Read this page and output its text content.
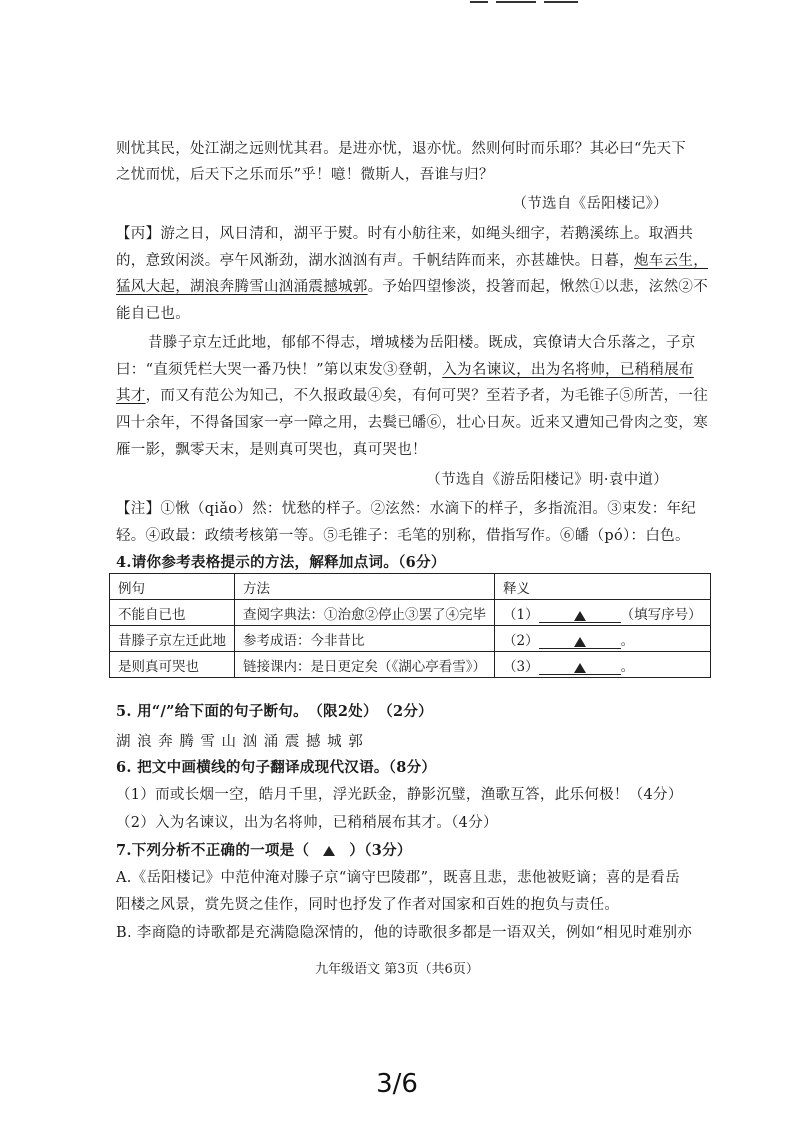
则忧其民，处江湖之远则忧其君。是进亦忧，退亦忧。然则何时而乐耶？其必曰“先天下
之忧而忧，后天下之乐而乐”乎！噫！微斯人，吾谁与归？
（节选自《岳阳楼记》）
【丙】游之日，风日清和，湖平于熨。时有小舫往来，如绳头细字，若鹅溪练上。取酒共
的，意致闲淡。亭午风渐劲，湖水汹汹有声。千帆结阵而来，亦甚雄快。日暮，炮车云生，
猛风大起，湖浪奔腾雪山汹涌震撼城郭。予始四望惨淡，投箸而起，愀然①以悲，泫然②不
能自已也。
昔滕子京左迁此地，郁郁不得志，增城楼为岳阳楼。既成，宾僚请大合乐落之，子京
曰：“直须凭栏大哭一番乃快！”第以束发③登朝，入为名谏议，出为名将帅，已稍稍展布
其才，而又有范公为知己，不久报政最④矣，有何可哭？至若予者，为毛锥子⑤所苦，一往
四十余年，不得备国家一亭一障之用，去鬓已皤⑥，壮心日灰。近来又遭知己骨肉之变，寒
雁一影，飘零天末，是则真可哭也，真可哭也！
（节选自《游岳阳楼记》明·袁中道）
【注】①愀（qiǎo）然：忧愁的样子。②泫然：水滴下的样子，多指流泪。③束发：年纪
轻。④政最：政绩考核第一等。⑤毛锥子：毛笔的别称，借指写作。⑥皤（pó）：白色。
4.请你参考表格提示的方法，解释加点词。（6分）
例句	方法	释义
不能自已也	查阅字典法：①治愈②停止③罢了④完毕	（1） （填写序号）
昔滕子京左迁此地	参考成语：今非昔比	（2） 。
是则真可哭也	链接课内：是日更定矣（《湖心亭看雪》）	（3） 。
5. 用“/”给下面的句子断句。　（限2处）　（2分）
湖 浪 奔 腾 雪 山 汹 涌 震 撼 城 郭
6. 把文中画横线的句子翻译成现代汉语。（8分）
（1）而或长烟一空，皓月千里，浮光跃金，静影沉璧，渔歌互答，此乐何极！（4分）
（2）入为名谏议，出为名将帅，已稍稍展布其才。（4分）
7.下列分析不正确的一项是（	）（3分）
A.《岳阳楼记》中范仲淹对滕子京“谪守巴陵郡”，既喜且悲，悲他被贬谪；喜的是看岳
阳楼之风景，赏先贤之佳作，同时也抒发了作者对国家和百姓的抱负与责任。
B. 李商隐的诗歌都是充满隐隐深情的，他的诗歌很多都是一语双关，例如“相见时难别亦
九年级语文 第3页（共6页）
3/6
